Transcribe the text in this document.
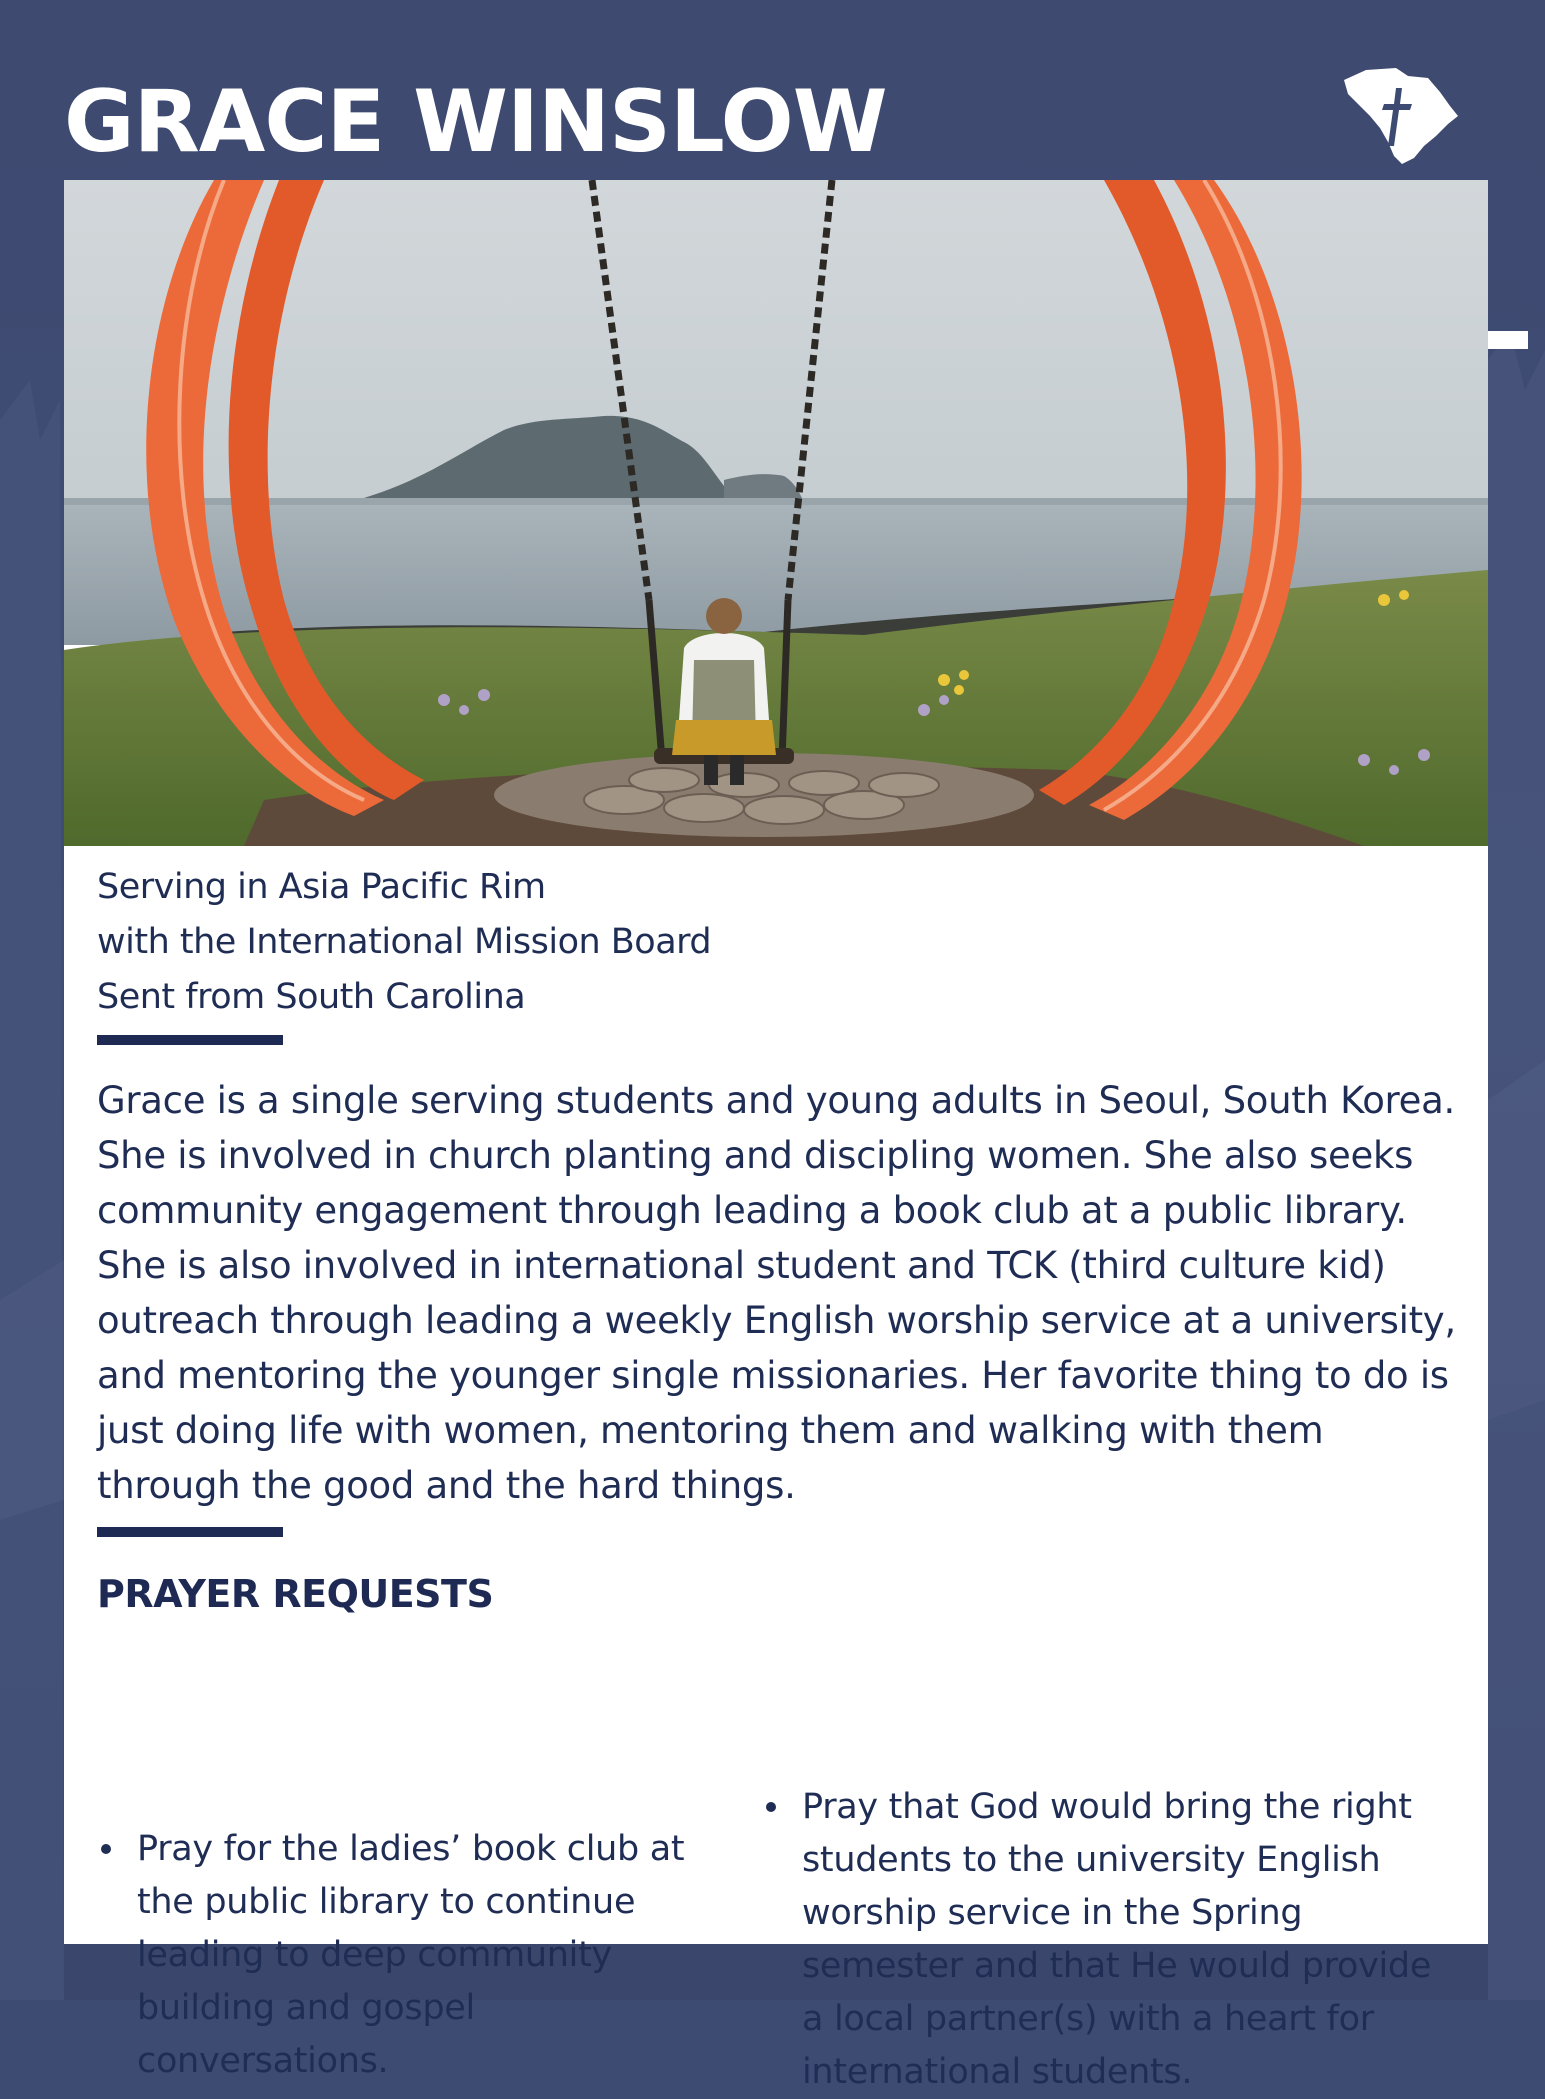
GRACE WINSLOW
Serving in Asia Pacific Rim
with the International Mission Board
Sent from South Carolina

Grace is a single serving students and young adults in Seoul, South Korea. She is involved in church planting and discipling women. She also seeks community engagement through leading a book club at a public library. She is also involved in international student and TCK (third culture kid) outreach through leading a weekly English worship service at a university, and mentoring the younger single missionaries. Her favorite thing to do is just doing life with women, mentoring them and walking with them through the good and the hard things.

PRAYER REQUESTS
Pray for the ladies’ book club at the public library to continue leading to deep community building and gospel conversations.
Pray that God would bring the right students to the university English worship service in the Spring semester and that He would provide a local partner(s) with a heart for international students.
